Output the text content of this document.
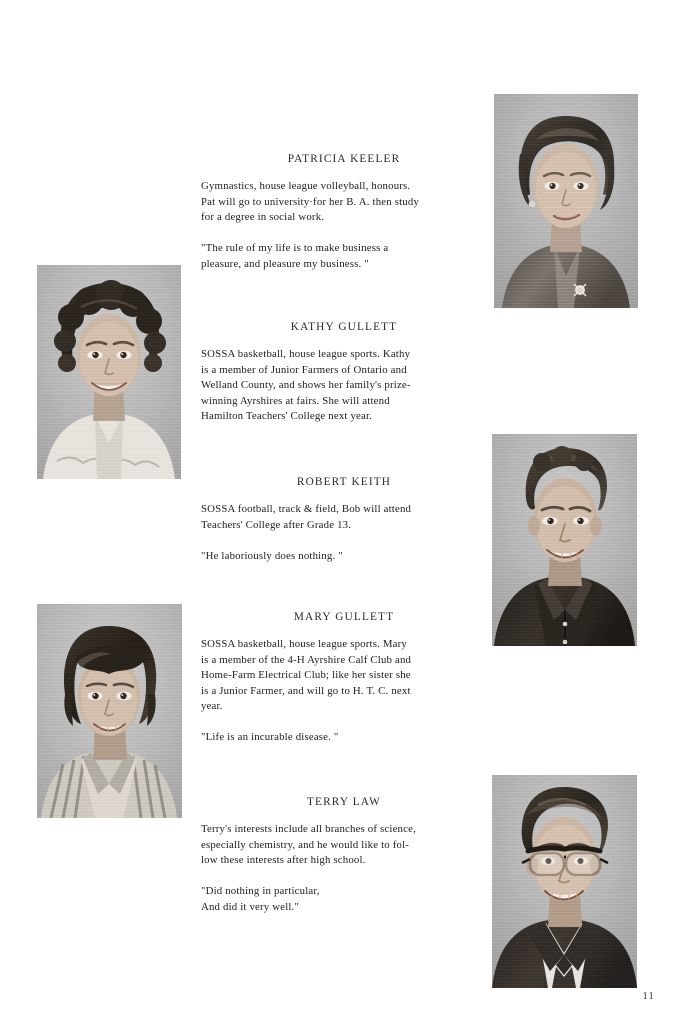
PATRICIA KEELER

Gymnastics, house league volleyball, honours.

Pat will go to university·for her B. A. then study

for a degree in social work.

"The rule of my life is to make business a

pleasure, and pleasure my business. "

KATHY GULLETT

SOSSA basketball, house league sports. Kathy

is a member of Junior Farmers of Ontario and

Welland County, and shows her family's prize-

winning Ayrshires at fairs. She will attend

Hamilton Teachers' College next year.

ROBERT KEITH

SOSSA football, track & field, Bob will attend

Teachers' College after Grade 13.

"He laboriously does nothing. "

MARY GULLETT

SOSSA basketball, house league sports. Mary

is a member of the 4-H Ayrshire Calf Club and

Home-Farm Electrical Club; like her sister she

is a Junior Farmer, and will go to H. T. C. next

year.

"Life is an incurable disease. "

TERRY LAW

Terry's interests include all branches of science,

especially chemistry, and he would like to fol-

low these interests after high school.

"Did nothing in particular,

And did it very well."

11
